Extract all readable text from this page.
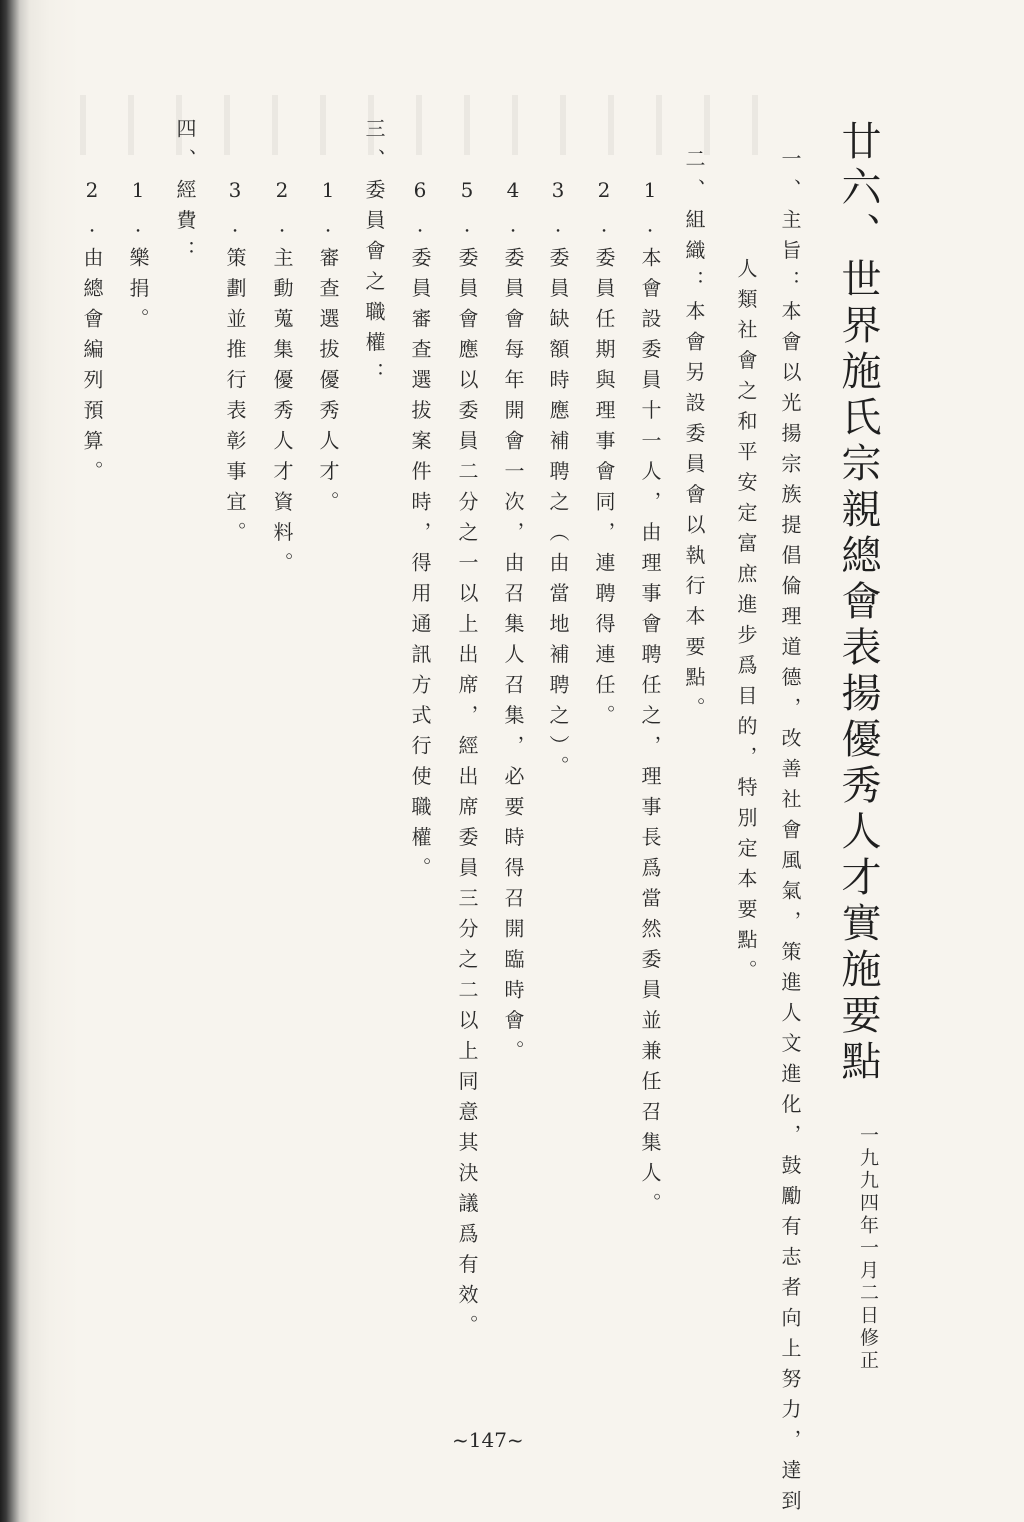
廿六、世界施氏宗親總會表揚優秀人才實施要點
一九九四年一月二日修正
一、主旨：本會以光揚宗族提倡倫理道德，改善社會風氣，策進人文進化，鼓勵有志者向上努力，達到
人類社會之和平安定富庶進步爲目的，特別定本要點。
二、組織：本會另設委員會以執行本要點。
1.本會設委員十一人，由理事會聘任之，理事長爲當然委員並兼任召集人。
2.委員任期與理事會同，連聘得連任。
3.委員缺額時應補聘之（由當地補聘之）。
4.委員會每年開會一次，由召集人召集，必要時得召開臨時會。
5.委員會應以委員二分之一以上出席，經出席委員三分之二以上同意其決議爲有效。
6.委員審查選拔案件時，得用通訊方式行使職權。
三、委員會之職權：
1.審查選拔優秀人才。
2.主動蒐集優秀人才資料。
3.策劃並推行表彰事宜。
四、經費：
1.樂捐。
2.由總會編列預算。
~147~
